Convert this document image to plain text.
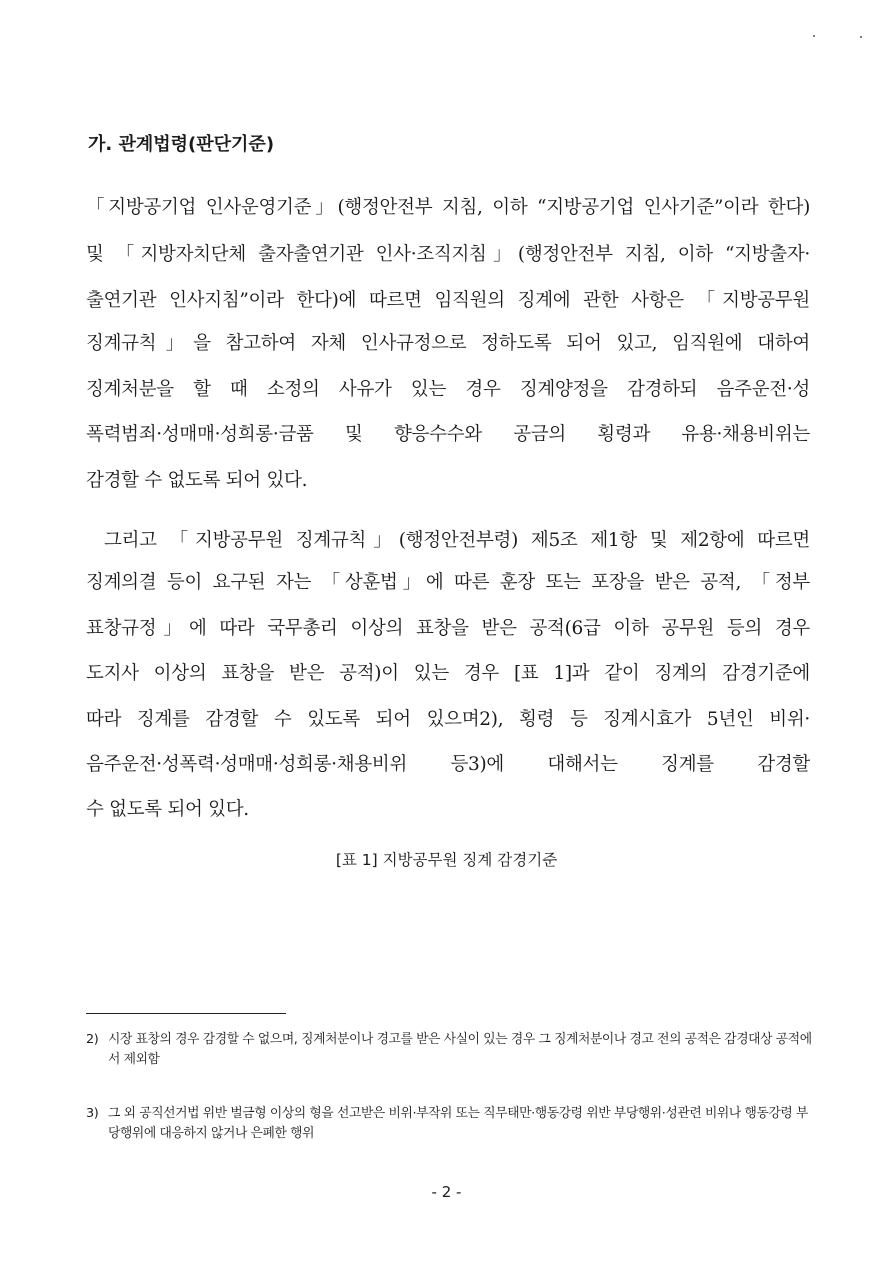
가. 관계법령(판단기준)
「지방공기업 인사운영기준」(행정안전부 지침, 이하 “지방공기업 인사기준”이라 한다)
및 「지방자치단체 출자출연기관 인사·조직지침」(행정안전부 지침, 이하 “지방출자·
출연기관 인사지침”이라 한다)에 따르면 임직원의 징계에 관한 사항은 「지방공무원
징계규칙」을 참고하여 자체 인사규정으로 정하도록 되어 있고, 임직원에 대하여
징계처분을 할 때 소정의 사유가 있는 경우 징계양정을 감경하되 음주운전·성
폭력범죄·성매매·성희롱·금품 및 향응수수와 공금의 횡령과 유용·채용비위는
감경할 수 없도록 되어 있다.
그리고 「지방공무원 징계규칙」(행정안전부령) 제5조 제1항 및 제2항에 따르면
징계의결 등이 요구된 자는 「상훈법」에 따른 훈장 또는 포장을 받은 공적, 「정부
표창규정」에 따라 국무총리 이상의 표창을 받은 공적(6급 이하 공무원 등의 경우
도지사 이상의 표창을 받은 공적)이 있는 경우 [표 1]과 같이 징계의 감경기준에
따라 징계를 감경할 수 있도록 되어 있으며2), 횡령 등 징계시효가 5년인 비위·
음주운전·성폭력·성매매·성희롱·채용비위 등3)에 대해서는 징계를 감경할
수 없도록 되어 있다.
[표 1] 지방공무원 징계 감경기준
2) 시장 표창의 경우 감경할 수 없으며, 징계처분이나 경고를 받은 사실이 있는 경우 그 징계처분이나 경고 전의 공적은 감경대상 공적에서 제외함
3) 그 외 공직선거법 위반 벌금형 이상의 형을 선고받은 비위·부작위 또는 직무태만·행동강령 위반 부당행위·성관련 비위나 행동강령 부당행위에 대응하지 않거나 은폐한 행위
- 2 -
